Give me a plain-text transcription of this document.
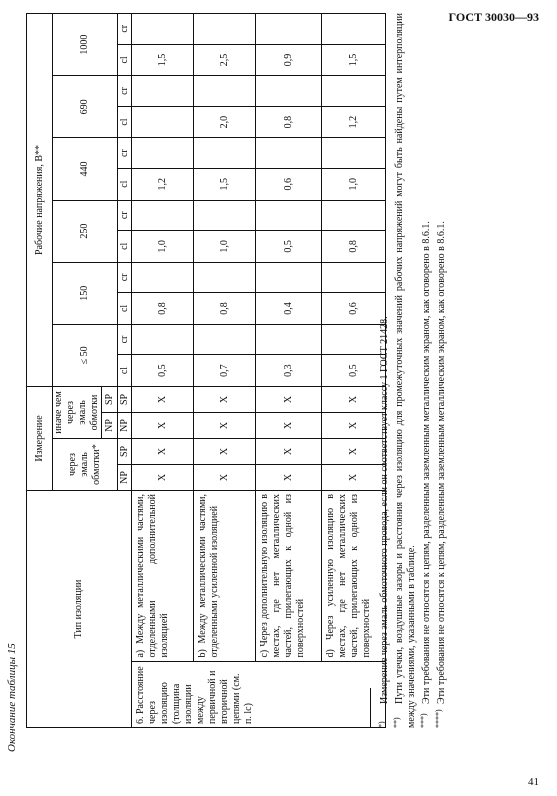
ГОСТ 30030—93
41
Окончание таблицы 15
Тип изоляции		Измерение				Рабочие напряжения, В**											
		через эмаль обмотки*		иначе чем через эмаль обмотки		≤ 50		150		250		440		690		1000	
				NP	SP												
		NP	SP	NP	SP	cl	cr	cl	cr	cl	cr	cl	cr	cl	cr	cl	cr
6. Расстояние через изоляцию (толщина изоляции между первичной и вторичной цепями (см. п. lc)	a) Между металлическими частями, отделенными дополнительной изоляцией	X	X	X	X	0,5		0,8		1,0		1,2				1,5	
	b) Между металлическими частями, отделенными усиленной изоляцией	X	X	X	X	0,7		0,8		1,0		1,5		2,0		2,5	
	c) Через дополнительную изоляцию в местах, где нет металлических частей, прилегающих к одной из поверхностей	X	X	X	X	0,3		0,4		0,5		0,6		0,8		0,9	
	d) Через усиленную изоляцию в местах, где нет металлических частей, прилегающих к одной из поверхностей	X	X	X	X	0,5		0,6		0,8		1,0		1,2		1,5	

*)Измерение через эмаль обмоточного провода, если он соответствует классу 1 ГОСТ 21428.

**)Пути утечки, воздушные зазоры и расстояния через изоляцию для промежуточных значений рабочих напряжений могут быть найдены путем интерполяции между значениями, указанными в таблице. ***)Эти требования не относятся к цепям, разделенным заземленным металлическим экраном, как оговорено в 8.6.1.

****)Эти требования не относятся к цепям, разделенным заземленным металлическим экраном, как оговорено в 8.6.1.
